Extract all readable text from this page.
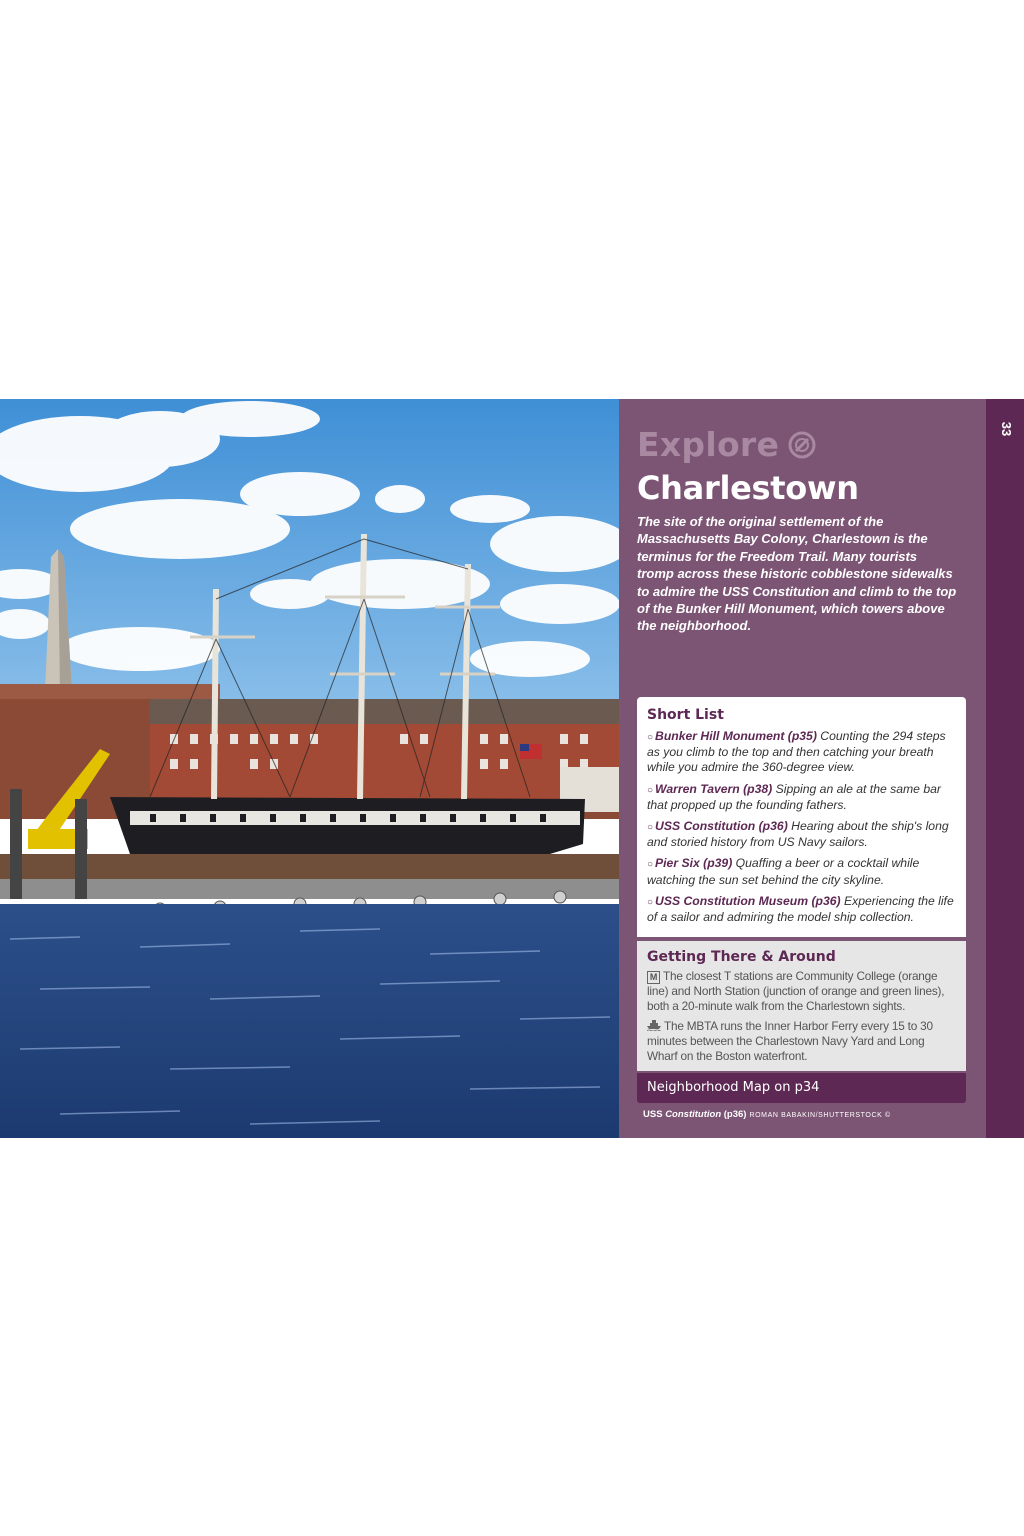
33
Explore
Charlestown
The site of the original settlement of the Massachusetts Bay Colony, Charlestown is the terminus for the Freedom Trail. Many tourists tromp across these historic cobblestone sidewalks to admire the USS Constitution and climb to the top of the Bunker Hill Monument, which towers above the neighborhood.
Short List
○ Bunker Hill Monument (p35) Counting the 294 steps as you climb to the top and then catching your breath while you admire the 360-degree view.
○ Warren Tavern (p38) Sipping an ale at the same bar that propped up the founding fathers.
○ USS Constitution (p36) Hearing about the ship's long and storied history from US Navy sailors.
○ Pier Six (p39) Quaffing a beer or a cocktail while watching the sun set behind the city skyline.
○ USS Constitution Museum (p36) Experiencing the life of a sailor and admiring the model ship collection.
Getting There & Around

M The closest T stations are Community College (orange line) and North Station (junction of orange and green lines), both a 20-minute walk from the Charlestown sights.

The MBTA runs the Inner Harbor Ferry every 15 to 30 minutes between the Charlestown Navy Yard and Long Wharf on the Boston waterfront.

Neighborhood Map on p34
USS Constitution (p36) ROMAN BABAKIN/SHUTTERSTOCK ©
